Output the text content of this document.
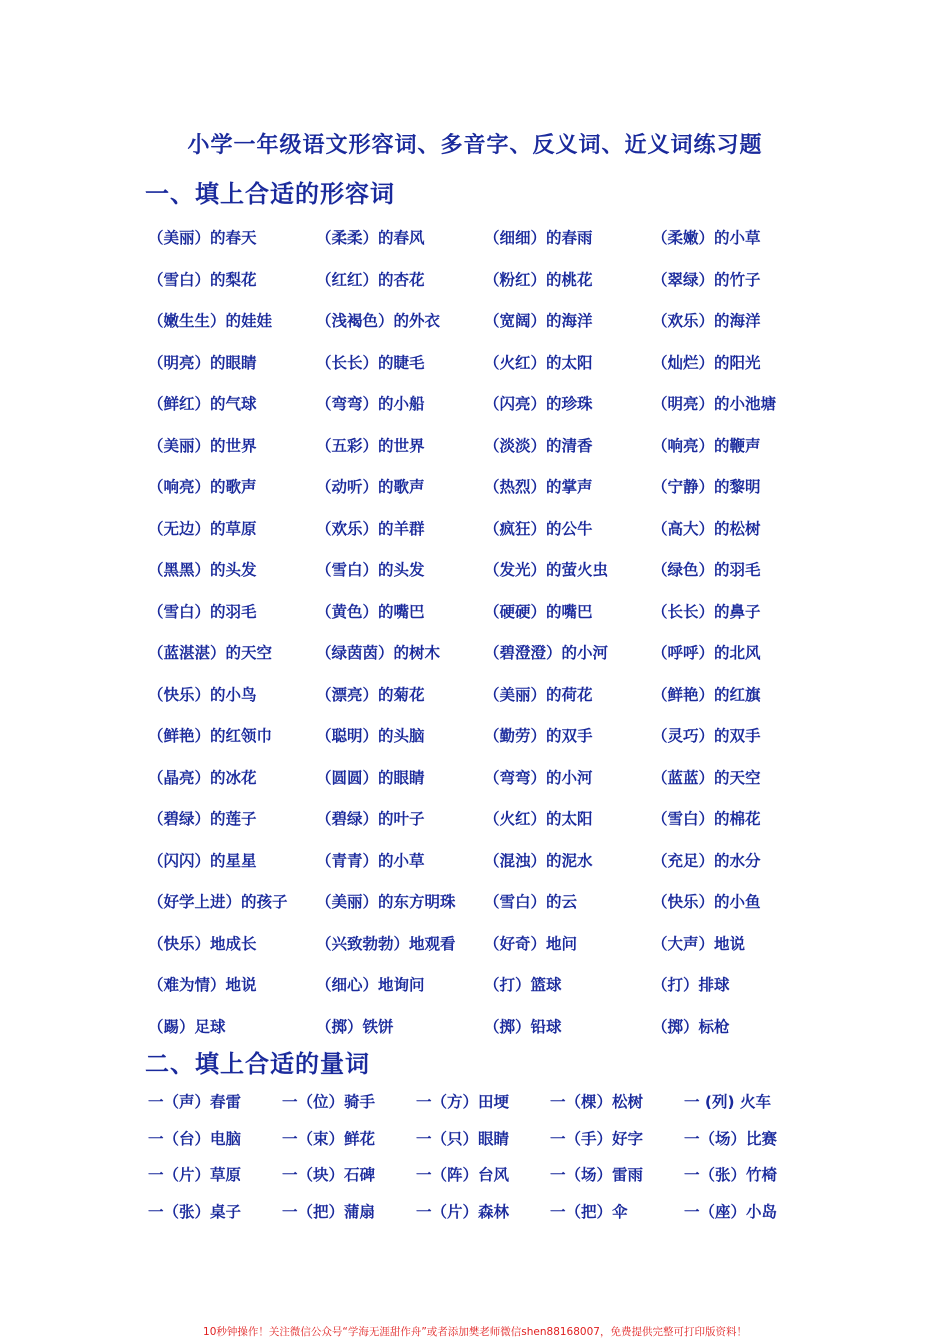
小学一年级语文形容词、多音字、反义词、近义词练习题
一、填上合适的形容词
（美丽）的春天	（柔柔）的春风	（细细）的春雨	（柔嫩）的小草
（雪白）的梨花	（红红）的杏花	（粉红）的桃花	（翠绿）的竹子
（嫩生生）的娃娃	（浅褐色）的外衣	（宽阔）的海洋	（欢乐）的海洋
（明亮）的眼睛	（长长）的睫毛	（火红）的太阳	（灿烂）的阳光
（鲜红）的气球	（弯弯）的小船	（闪亮）的珍珠	（明亮）的小池塘
（美丽）的世界	（五彩）的世界	（淡淡）的清香	（响亮）的鞭声
（响亮）的歌声	（动听）的歌声	（热烈）的掌声	（宁静）的黎明
（无边）的草原	（欢乐）的羊群	（疯狂）的公牛	（高大）的松树
（黑黑）的头发	（雪白）的头发	（发光）的萤火虫	（绿色）的羽毛
（雪白）的羽毛	（黄色）的嘴巴	（硬硬）的嘴巴	（长长）的鼻子
（蓝湛湛）的天空	（绿茵茵）的树木	（碧澄澄）的小河	（呼呼）的北风
（快乐）的小鸟	（漂亮）的菊花	（美丽）的荷花	（鲜艳）的红旗
（鲜艳）的红领巾	（聪明）的头脑	（勤劳）的双手	（灵巧）的双手
（晶亮）的冰花	（圆圆）的眼睛	（弯弯）的小河	（蓝蓝）的天空
（碧绿）的莲子	（碧绿）的叶子	（火红）的太阳	（雪白）的棉花
（闪闪）的星星	（青青）的小草	（混浊）的泥水	（充足）的水分
（好学上进）的孩子	（美丽）的东方明珠	（雪白）的云	（快乐）的小鱼
（快乐）地成长	（兴致勃勃）地观看	（好奇）地问	（大声）地说
（难为情）地说	（细心）地询问	（打）篮球	（打）排球
（踢）足球	（掷）铁饼	（掷）铅球	（掷）标枪
二、填上合适的量词
一（声）春雷	一（位）骑手	一（方）田埂	一（棵）松树	一 (列) 火车
一（台）电脑	一（束）鲜花	一（只）眼睛	一（手）好字	一（场）比赛
一（片）草原	一（块）石碑	一（阵）台风	一（场）雷雨	一（张）竹椅
一（张）桌子	一（把）蒲扇	一（片）森林	一（把）伞	一（座）小岛
10秒钟操作！关注微信公众号“学海无涯甜作舟”或者添加樊老师微信shen88168007，免费提供完整可打印版资料！
